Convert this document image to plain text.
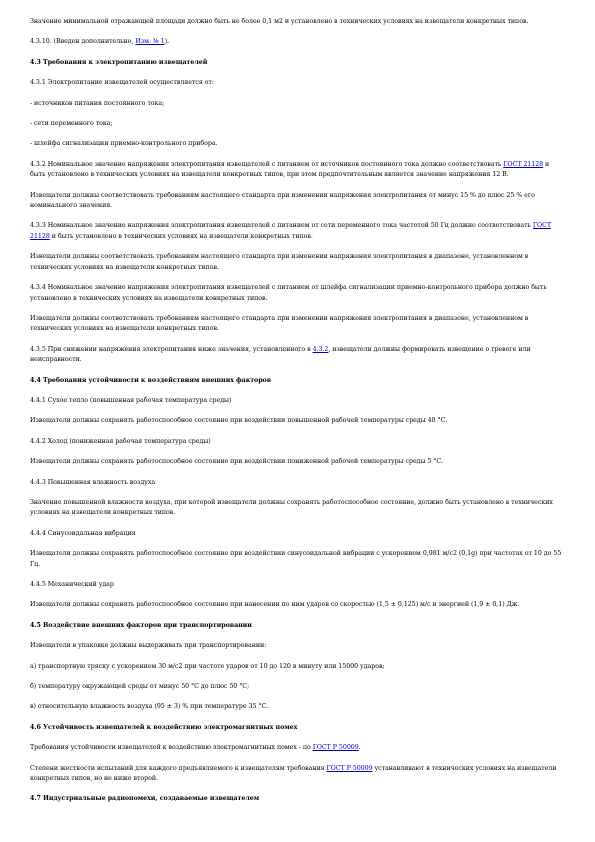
Значение минимальной отражающей площади должно быть не более 0,1 м2 и установлено в технических условиях на извещатели конкретных типов.

4.3.10. (Введен дополнительно, Изм. № 1).

4.3 Требования к электропитанию извещателей

4.3.1 Электропитание извещателей осуществляется от:

- источников питания постоянного тока;

- сети переменного тока;

- шлейфа сигнализации приемно-контрольного прибора.

4.3.2 Номинальное значение напряжения электропитания извещателей с питанием от источников постоянного тока должно соответствовать ГОСТ 21128 и быть установлено в технических условиях на извещатели конкретных типов, при этом предпочтительным является значение напряжения 12 В.

Извещатели должны соответствовать требованиям настоящего стандарта при изменении напряжения электропитания от минус 15 % до плюс 25 % его номинального значения.

4.3.3 Номинальное значение напряжения электропитания извещателей с питанием от сети переменного тока частотой 50 Гц должно соответствовать ГОСТ 21128 и быть установлено в технических условиях на извещатели конкретных типов.

Извещатели должны соответствовать требованиям настоящего стандарта при изменении напряжения электропитания в диапазоне, установленном в технических условиях на извещатели конкретных типов.

4.3.4 Номинальное значение напряжения электропитания извещателей с питанием от шлейфа сигнализации приемно-контрольного прибора должно быть установлено в технических условиях на извещатели конкретных типов.

Извещатели должны соответствовать требованиям настоящего стандарта при изменении напряжения электропитания в диапазоне, установленном в технических условиях на извещатели конкретных типов.

4.3.5 При снижении напряжения электропитания ниже значения, установленного в 4.3.2, извещатели должны формировать извещение о тревоге или неисправности.

4.4 Требования устойчивости к воздействиям внешних факторов

4.4.1 Сухое тепло (повышенная рабочая температура среды)

Извещатели должны сохранять работоспособное состояние при воздействии повышенной рабочей температуры среды 40 °С.

4.4.2 Холод (пониженная рабочая температура среды)

Извещатели должны сохранять работоспособное состояние при воздействии пониженной рабочей температуры среды 5 °С.

4.4.3 Повышенная влажность воздуха

Значение повышенной влажности воздуха, при которой извещатели должны сохранять работоспособное состояние, должно быть установлено в технических условиях на извещатели конкретных типов.

4.4.4 Синусоидальная вибрация

Извещатели должны сохранять работоспособное состояние при воздействии синусоидальной вибрации с ускорением 0,981 м/с2 (0,1g) при частотах от 10 до 55 Гц.

4.4.5 Механический удар

Извещатели должны сохранять работоспособное состояние при нанесении по ним ударов со скоростью (1,5 ± 0,125) м/с и энергией (1,9 ± 0,1) Дж.

4.5 Воздействие внешних факторов при транспортировании

Извещатели в упаковке должны выдерживать при транспортировании:

а) транспортную тряску с ускорением 30 м/с2 при частоте ударов от 10 до 120 в минуту или 15000 ударов;

б) температуру окружающей среды от минус 50 °С до плюс 50 °С;

в) относительную влажность воздуха (95 ± 3) % при температуре 35 °С.

4.6 Устойчивость извещателей к воздействию электромагнитных помех

Требования устойчивости извещателей к воздействию электромагнитных помех - по ГОСТ Р 50009.

Степени жесткости испытаний для каждого предъявляемого к извещателям требования ГОСТ Р 50009 устанавливают в технических условиях на извещатели конкретных типов, но не ниже второй.

4.7 Индустриальные радиопомехи, создаваемые извещателем
